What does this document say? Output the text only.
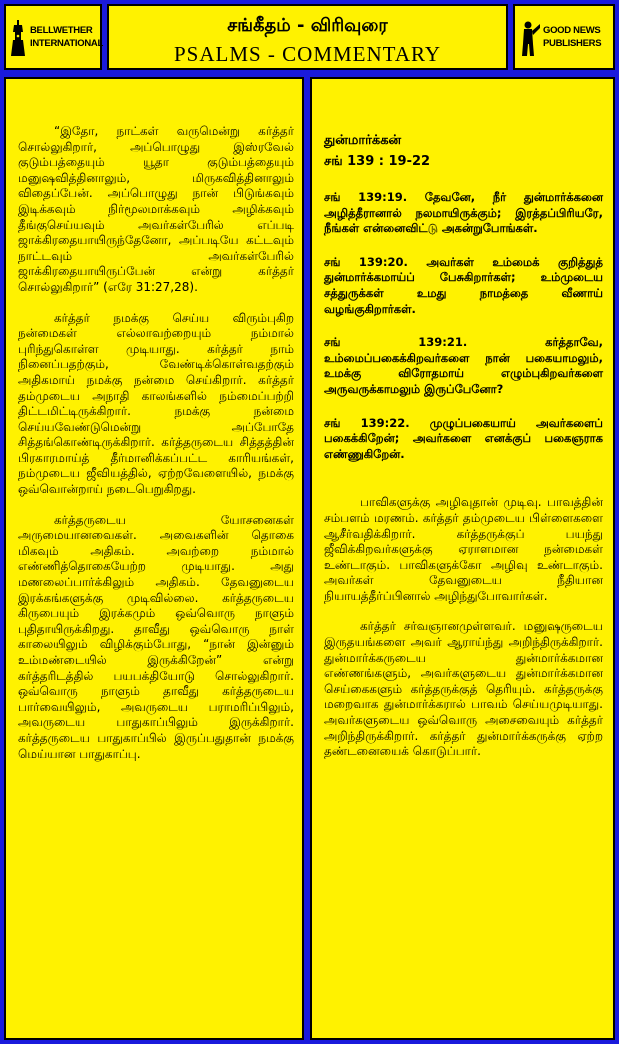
BELLWETHER
INTERNATIONAL
சங்கீதம் - விரிவுரை
PSALMS - COMMENTARY
GOOD NEWS
PUBLISHERS

“இதோ, நாட்கள் வருமென்று கர்த்தர் சொல்லுகிறார், அப்பொழுது இஸ்ரவேல் குடும்பத்தையும் யூதா குடும்பத்தையும் மனுஷவித்தினாலும், மிருகவித்தினாலும் விதைப்பேன். அப்பொழுது நான் பிடுங்கவும் இடிக்கவும் நிர்மூலமாக்கவும் அழிக்கவும் தீங்குசெய்யவும் அவர்கள்பேரில் எப்படி ஜாக்கிரதையாயிருந்தேனோ, அப்படியே கட்டவும் நாட்டவும் அவர்கள்பேரில் ஜாக்கிரதையாயிருப்பேன் என்று கர்த்தர் சொல்லுகிறார்” (எரே 31:27,28).

கர்த்தர் நமக்கு செய்ய விரும்புகிற நன்மைகள் எல்லாவற்றையும் நம்மால் புரிந்துகொள்ள முடியாது. கர்த்தர் நாம் நினைப்பதற்கும், வேண்டிக்கொள்வதற்கும் அதிகமாய் நமக்கு நன்மை செய்கிறார். கர்த்தர் தம்முடைய அநாதி காலங்களில் நம்மைப்பற்றி திட்டமிட்டிருக்கிறார். நமக்கு நன்மை செய்யவேண்டுமென்று அப்போதே சித்தங்கொண்டிருக்கிறார். கர்த்தருடைய சித்தத்தின் பிரகாரமாய்த் தீர்மானிக்கப்பட்ட காரியங்கள், நம்முடைய ஜீவியத்தில், ஏற்றவேளையில், நமக்கு ஒவ்வொன்றாய் நடைபெறுகிறது.

கர்த்தருடைய யோசனைகள் அருமையானவைகள். அவைகளின் தொகை மிகவும் அதிகம். அவற்றை நம்மால் எண்ணித்தொகையேற்ற முடியாது. அது மணலைப்பார்க்கிலும் அதிகம். தேவனுடைய இரக்கங்களுக்கு முடிவில்லை. கர்த்தருடைய கிருபையும் இரக்கமும் ஒவ்வொரு நாளும் புதிதாயிருக்கிறது. தாவீது ஒவ்வொரு நாள் காலையிலும் விழிக்கும்போது, “நான் இன்னும் உம்மண்டையில் இருக்கிறேன்” என்று கர்த்தரிடத்தில் பயபக்தியோடு சொல்லுகிறார். ஒவ்வொரு நாளும் தாவீது கர்த்தருடைய பார்வையிலும், அவருடைய பராமரிப்பிலும், அவருடைய பாதுகாப்பிலும் இருக்கிறார். கர்த்தருடைய பாதுகாப்பில் இருப்பதுதான் நமக்கு மெய்யான பாதுகாப்பு.

துன்மார்க்கன்

சங் 139 : 19-22

சங் 139:19. தேவனே, நீர் துன்மார்க்கனை அழித்தீரானால் நலமாயிருக்கும்; இரத்தப்பிரியரே, நீங்கள் என்னைவிட்டு அகன்றுபோங்கள்.

சங் 139:20. அவர்கள் உம்மைக் குறித்துத் துன்மார்க்கமாய்ப் பேசுகிறார்கள்; உம்முடைய சத்துருக்கள் உமது நாமத்தை வீணாய் வழங்குகிறார்கள்.

சங் 139:21. கர்த்தாவே, உம்மைப்பகைக்கிறவர்களை நான் பகையாமலும், உமக்கு விரோதமாய் எழும்புகிறவர்களை அருவருக்காமலும் இருப்பேனோ?

சங் 139:22. முழுப்பகையாய் அவர்களைப் பகைக்கிறேன்; அவர்களை எனக்குப் பகைஞராக எண்ணுகிறேன்.

பாவிகளுக்கு அழிவுதான் முடிவு. பாவத்தின் சம்பளம் மரணம். கர்த்தர் தம்முடைய பிள்ளைகளை ஆசீர்வதிக்கிறார். கர்த்தருக்குப் பயந்து ஜீவிக்கிறவர்களுக்கு ஏராளமான நன்மைகள் உண்டாகும். பாவிகளுக்கோ அழிவு உண்டாகும். அவர்கள் தேவனுடைய நீதியான நியாயத்தீர்ப்பினால் அழிந்துபோவார்கள்.

கர்த்தர் சர்வஞானமுள்ளவர். மனுஷருடைய இருதயங்களை அவர் ஆராய்ந்து அறிந்திருக்கிறார். துன்மார்க்கருடைய துன்மார்க்கமான எண்ணங்களும், அவர்களுடைய துன்மார்க்கமான செய்கைகளும் கர்த்தருக்குத் தெரியும். கர்த்தருக்கு மறைவாக துன்மார்க்கரால் பாவம் செய்யமுடியாது. அவர்களுடைய ஒவ்வொரு அசைவையும் கர்த்தர் அறிந்திருக்கிறார். கர்த்தர் துன்மார்க்கருக்கு ஏற்ற தண்டனையைக் கொடுப்பார்.
